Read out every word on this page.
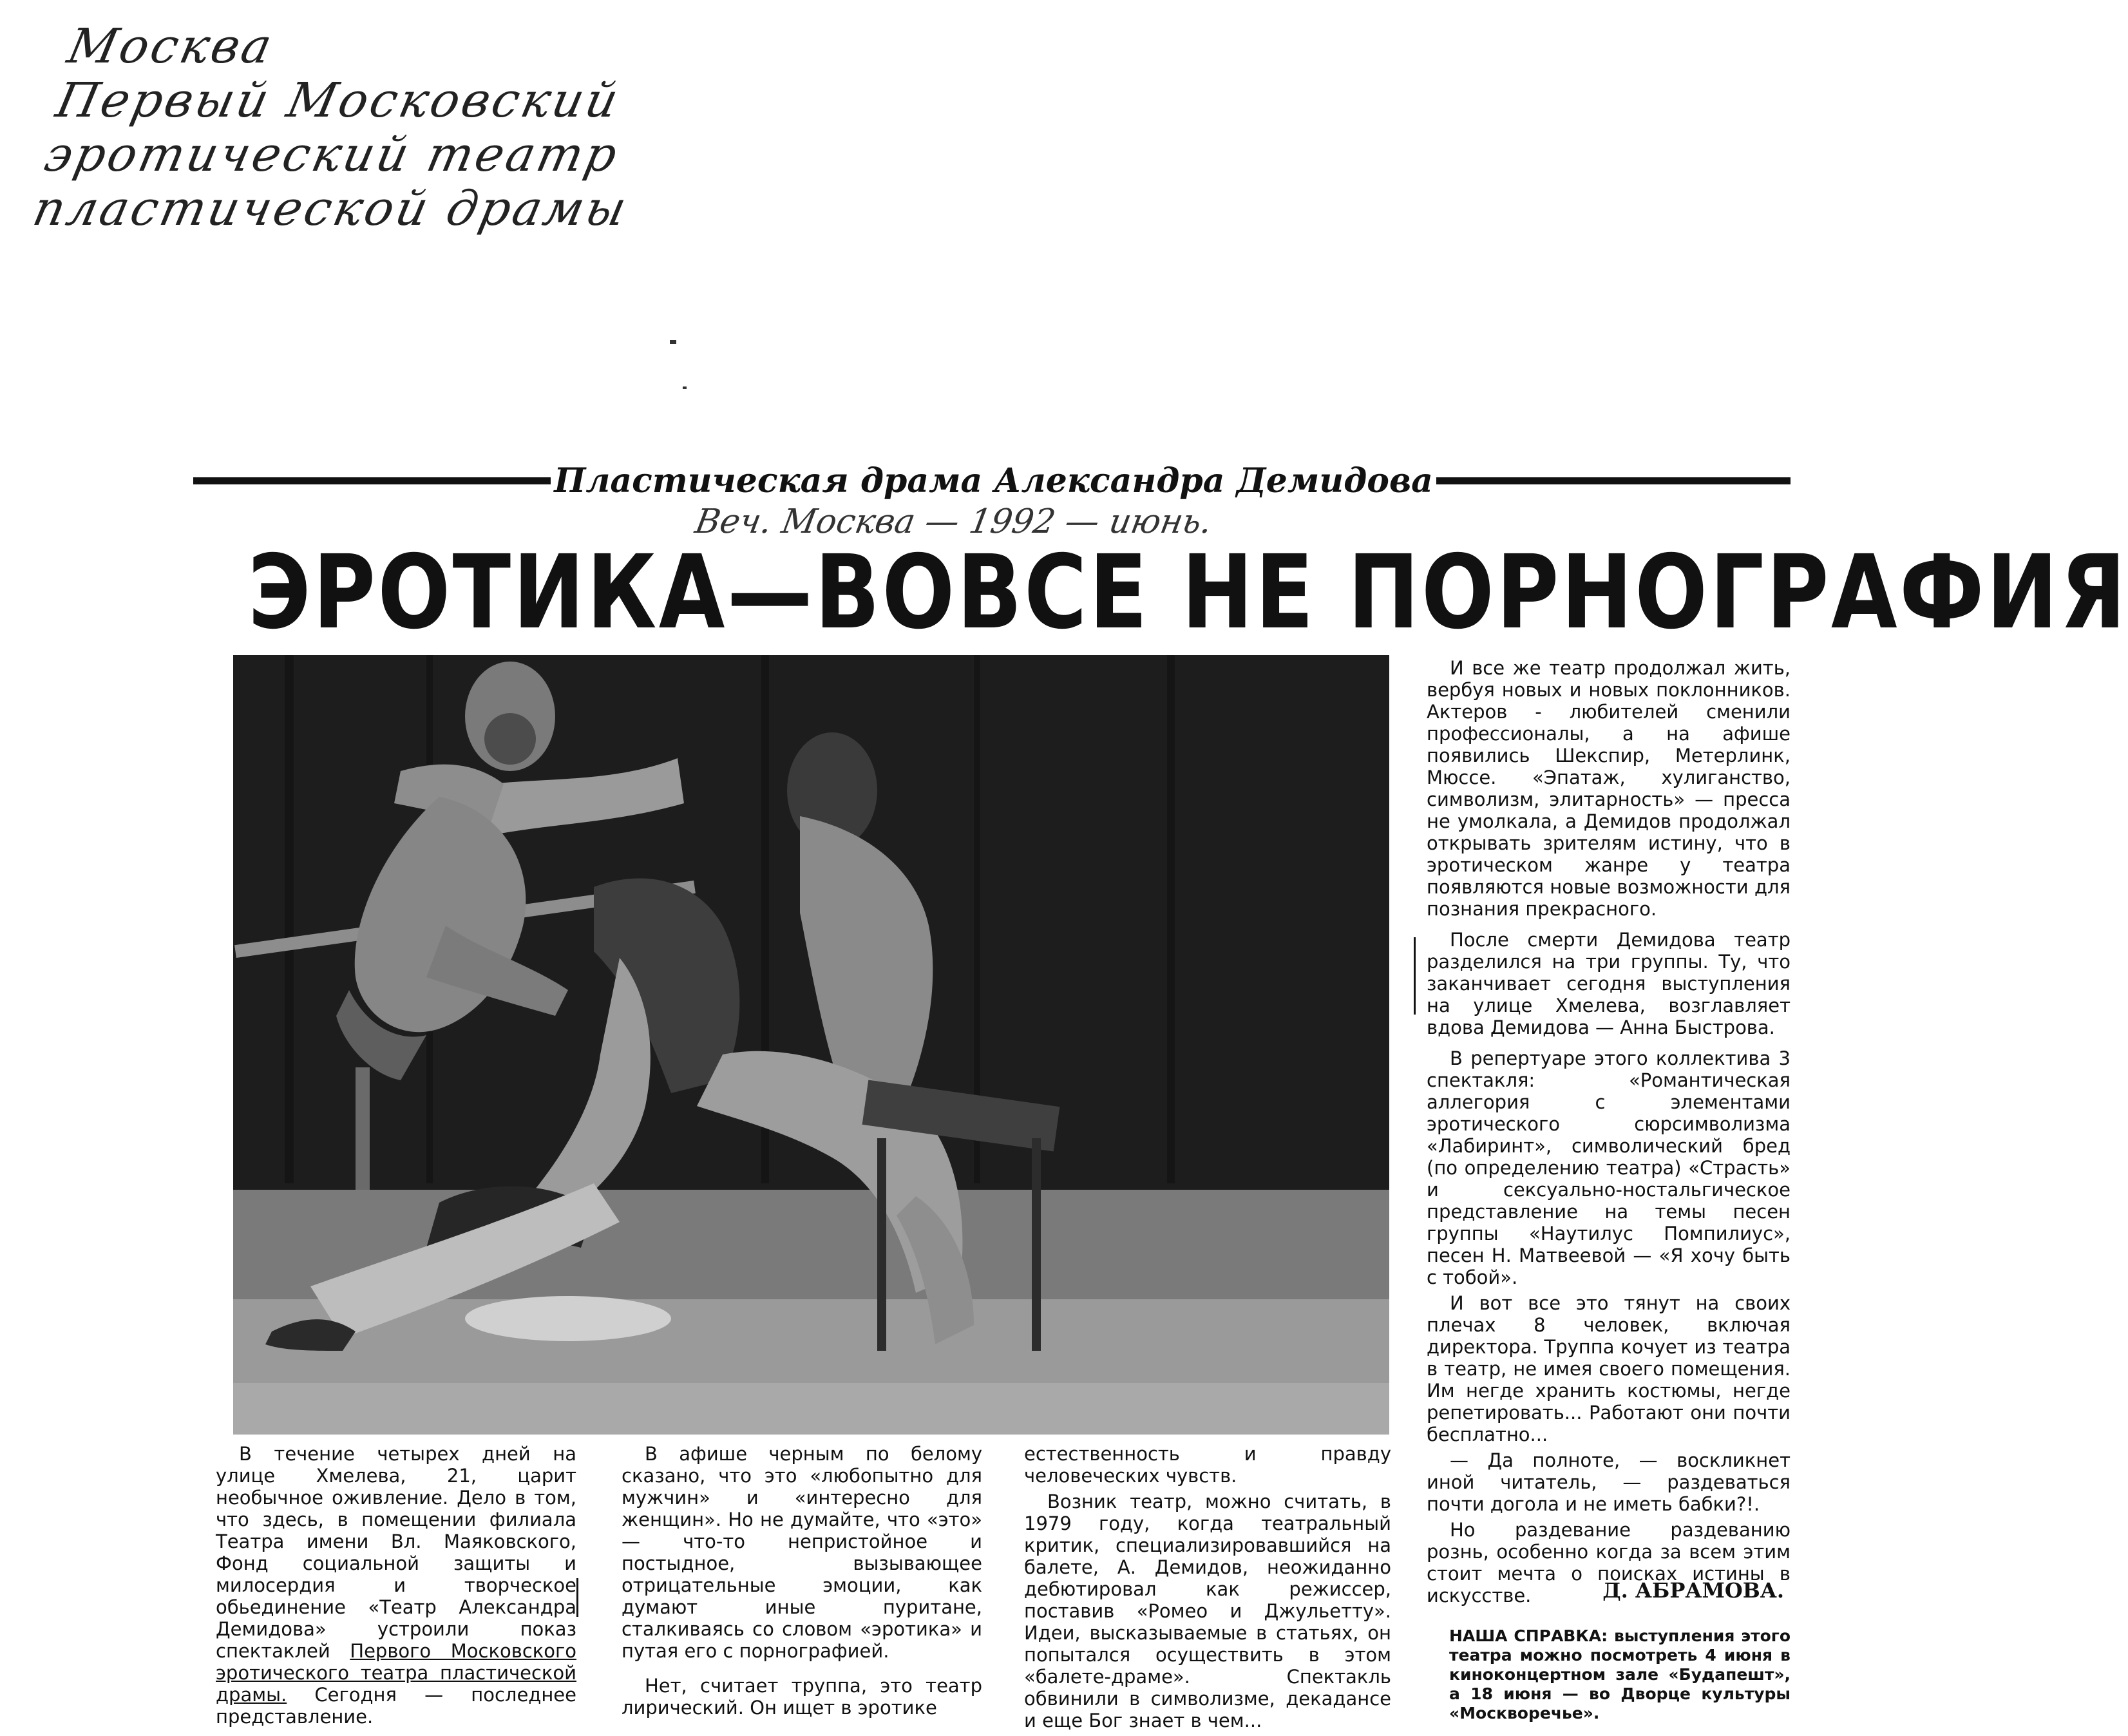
Москва
Первый Московский
эротический театр
пластической драмы
Пластическая драма Александра Демидова
Веч. Москва — 1992 — июнь.
ЭРОТИКА—ВОВСЕ НЕ ПОРНОГРАФИЯ

В течение четырех дней на улице Хмелева, 21, царит необычное оживление. Дело в том, что здесь, в помещении филиала Театра имени Вл. Маяковского, Фонд социальной защиты и милосердия и творческое обьединение «Театр Александра Демидова» устроили показ спектаклей Первого Московского эротического театра пластической драмы. Сегодня — последнее представление.

В афише черным по белому сказано, что это «любопытно для мужчин» и «интересно для женщин». Но не думайте, что «это» — что-то непристойное и постыдное, вызывающее отрицательные эмоции, как думают иные пуритане, сталкиваясь со словом «эротика» и путая его с порнографией.

Нет, считает труппа, это театр лирический. Он ищет в эротике

естественность и правду человеческих чувств.

Возник театр, можно считать, в 1979 году, когда театральный критик, специализировавшийся на балете, А. Демидов, неожиданно дебютировал как режиссер, поставив «Ромео и Джульетту». Идеи, высказываемые в статьях, он попытался осуществить в этом «балете-драме». Спектакль обвинили в символизме, декадансе и еще Бог знает в чем...

И все же театр продолжал жить, вербуя новых и новых поклонников. Актеров - любителей сменили профессионалы, а на афише появились Шекспир, Метерлинк, Мюссе. «Эпатаж, хулиганство, символизм, элитарность» — пресса не умолкала, а Демидов продолжал открывать зрителям истину, что в эротическом жанре у театра появляются новые возможности для познания прекрасного.

После смерти Демидова театр разделился на три группы. Ту, что заканчивает сегодня выступления на улице Хмелева, возглавляет вдова Демидова — Анна Быстрова.

В репертуаре этого коллектива 3 спектакля: «Романтическая аллегория с элементами эротического сюрсимволизма «Лабиринт», символический бред (по определению театра) «Страсть» и сексуально-ностальгическое представление на темы песен группы «Наутилус Помпилиус», песен Н. Матвеевой — «Я хочу быть с тобой».

И вот все это тянут на своих плечах 8 человек, включая директора. Труппа кочует из театра в театр, не имея своего помещения. Им негде хранить костюмы, негде репетировать... Работают они почти бесплатно...

— Да полноте, — воскликнет иной читатель, — раздеваться почти догола и не иметь бабки?!.

Но раздевание раздеванию рознь, особенно когда за всем этим стоит мечта о поисках истины в искусстве.	Д. АБРАМОВА.
НАША СПРАВКА: выступления этого театра можно посмотреть 4 июня в киноконцертном зале «Будапешт», а 18 июня — во Дворце культуры «Москворечье».
